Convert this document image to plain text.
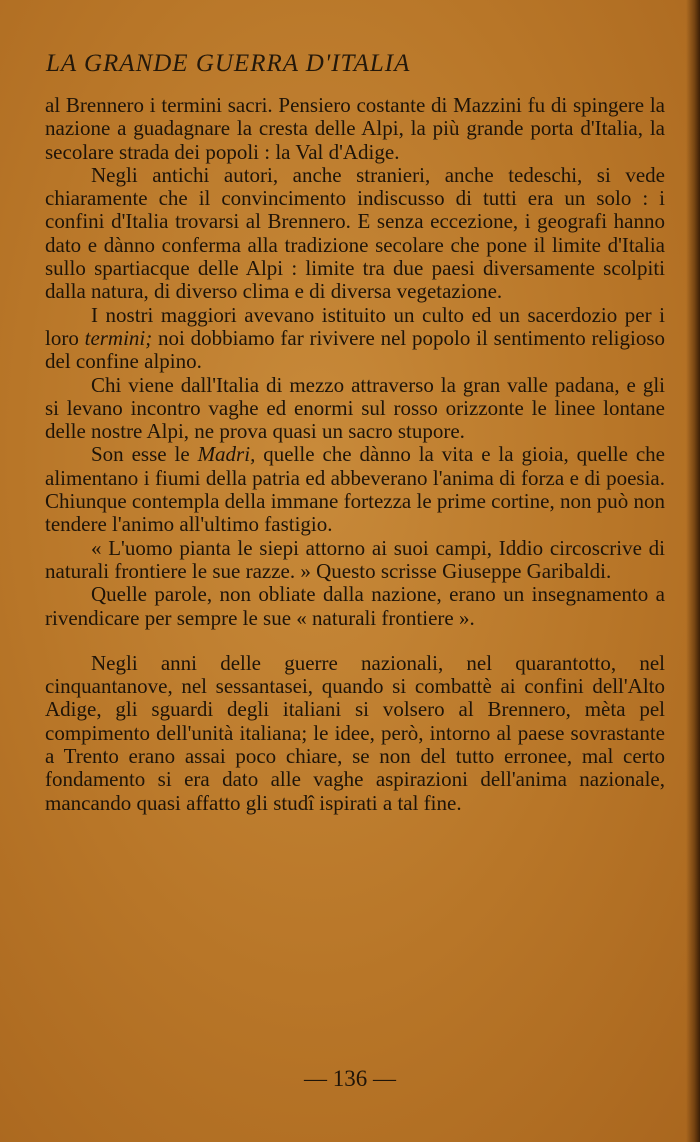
LA GRANDE GUERRA D'ITALIA

al Brennero i termini sacri. Pensiero costante di Mazzini fu di spingere la nazione a guadagnare la cresta delle Alpi, la più grande porta d'Italia, la secolare strada dei popoli : la Val d'Adige.

Negli antichi autori, anche stranieri, anche tedeschi, si vede chiaramente che il convincimento indiscusso di tutti era un solo : i confini d'Italia trovarsi al Brennero. E senza eccezione, i geografi hanno dato e dànno conferma alla tradizione secolare che pone il limite d'Italia sullo spartiacque delle Alpi : limite tra due paesi diversamente scolpiti dalla natura, di diverso clima e di diversa vegetazione.

I nostri maggiori avevano istituito un culto ed un sacerdozio per i loro termini; noi dobbiamo far rivivere nel popolo il sentimento religioso del confine alpino.

Chi viene dall'Italia di mezzo attraverso la gran valle padana, e gli si levano incontro vaghe ed enormi sul rosso orizzonte le linee lontane delle nostre Alpi, ne prova quasi un sacro stupore.

Son esse le Madri, quelle che dànno la vita e la gioia, quelle che alimentano i fiumi della patria ed abbeverano l'anima di forza e di poesia. Chiunque contempla della immane fortezza le prime cortine, non può non tendere l'animo all'ultimo fastigio.

« L'uomo pianta le siepi attorno ai suoi campi, Iddio circoscrive di naturali frontiere le sue razze. » Questo scrisse Giuseppe Garibaldi.

Quelle parole, non obliate dalla nazione, erano un insegnamento a rivendicare per sempre le sue « naturali frontiere ».

Negli anni delle guerre nazionali, nel quarantotto, nel cinquantanove, nel sessantasei, quando si combattè ai confini dell'Alto Adige, gli sguardi degli italiani si volsero al Brennero, mèta pel compimento dell'unità italiana; le idee, però, intorno al paese sovrastante a Trento erano assai poco chiare, se non del tutto erronee, mal certo fondamento si era dato alle vaghe aspirazioni dell'anima nazionale, mancando quasi affatto gli studî ispirati a tal fine.

— 136 —
